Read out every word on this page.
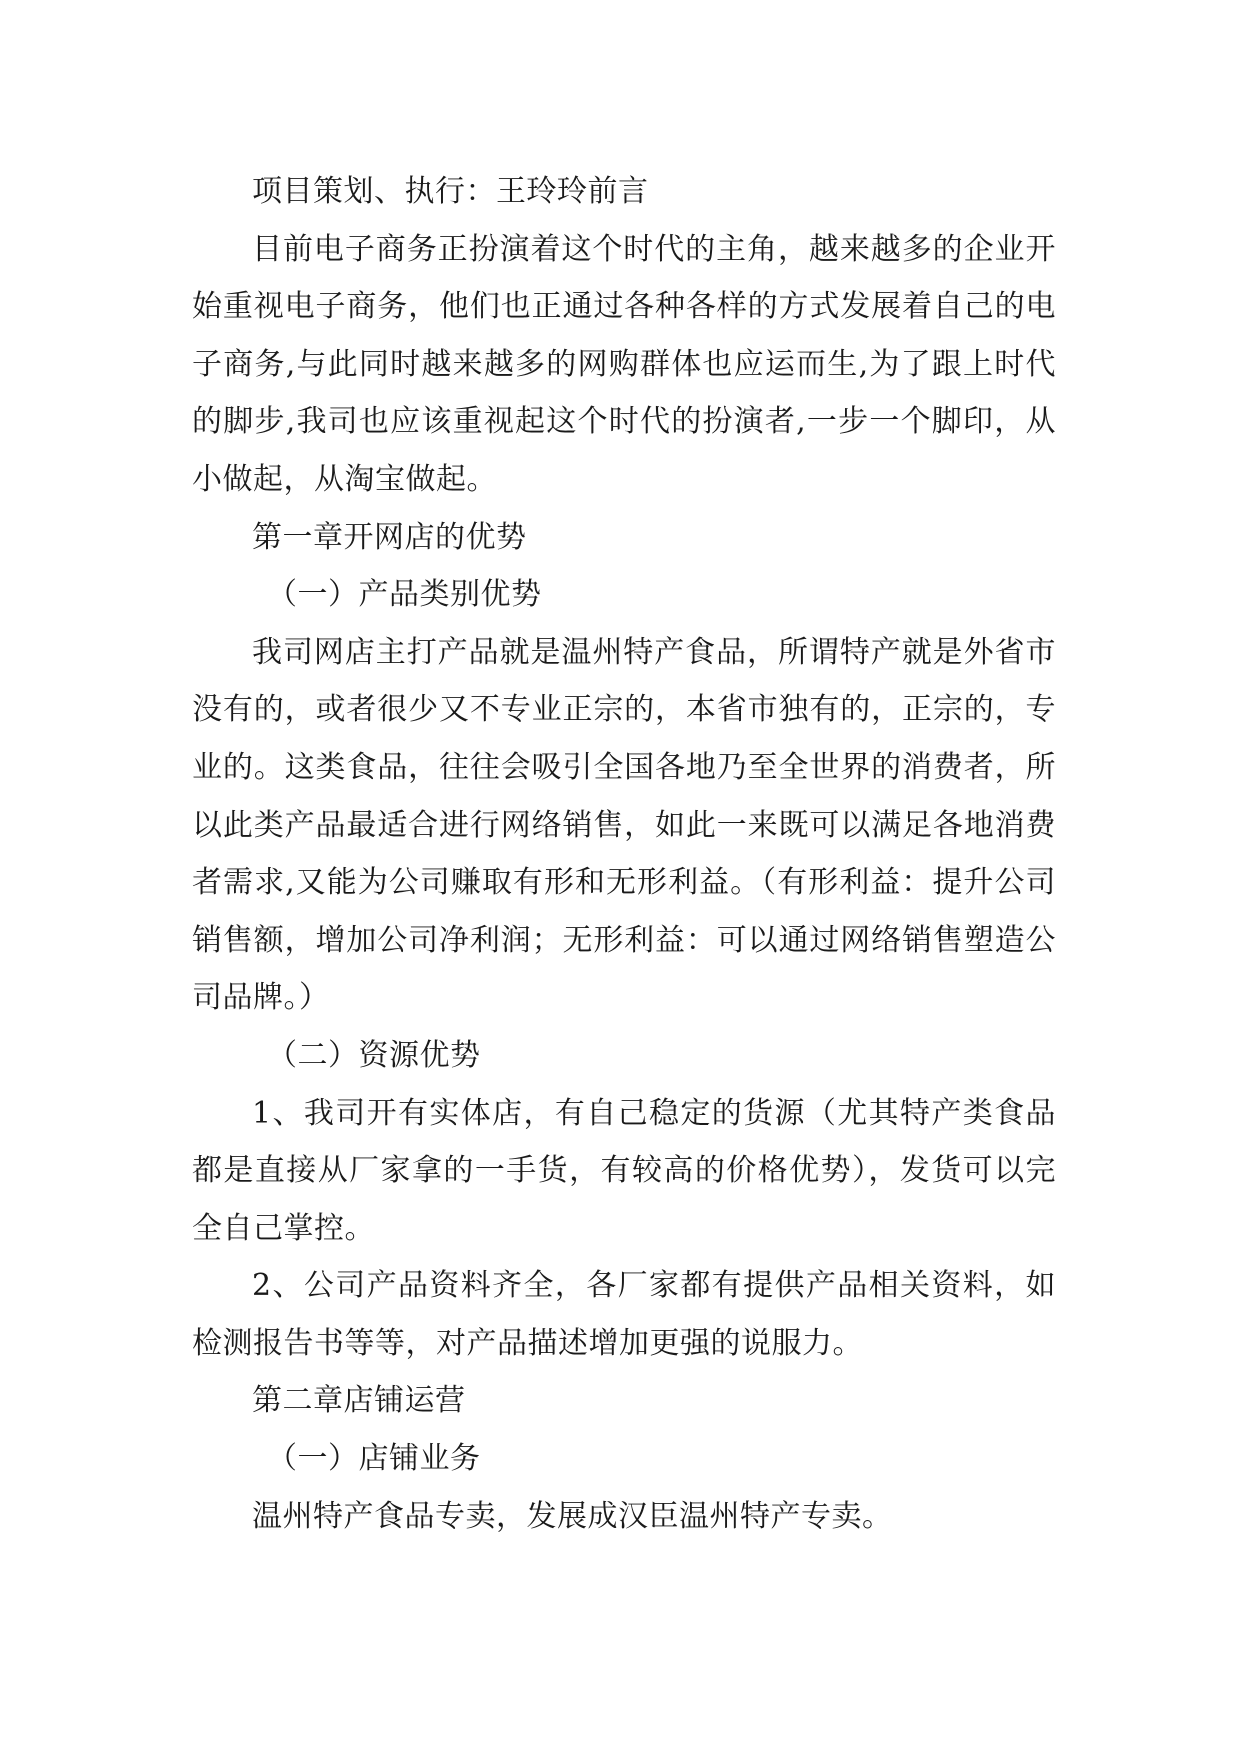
项目策划、执行：王玲玲前言

目前电子商务正扮演着这个时代的主角，越来越多的企业开始重视电子商务，他们也正通过各种各样的方式发展着自己的电子商务,与此同时越来越多的网购群体也应运而生,为了跟上时代的脚步,我司也应该重视起这个时代的扮演者,一步一个脚印，从小做起，从淘宝做起。

第一章开网店的优势

（一）产品类别优势

我司网店主打产品就是温州特产食品，所谓特产就是外省市没有的，或者很少又不专业正宗的，本省市独有的，正宗的，专业的。这类食品，往往会吸引全国各地乃至全世界的消费者，所以此类产品最适合进行网络销售，如此一来既可以满足各地消费者需求,又能为公司赚取有形和无形利益。（有形利益：提升公司销售额，增加公司净利润；无形利益：可以通过网络销售塑造公司品牌。）

（二）资源优势

1、我司开有实体店，有自己稳定的货源（尤其特产类食品都是直接从厂家拿的一手货，有较高的价格优势），发货可以完全自己掌控。

2、公司产品资料齐全，各厂家都有提供产品相关资料，如检测报告书等等，对产品描述增加更强的说服力。

第二章店铺运营

（一）店铺业务

温州特产食品专卖，发展成汉臣温州特产专卖。
